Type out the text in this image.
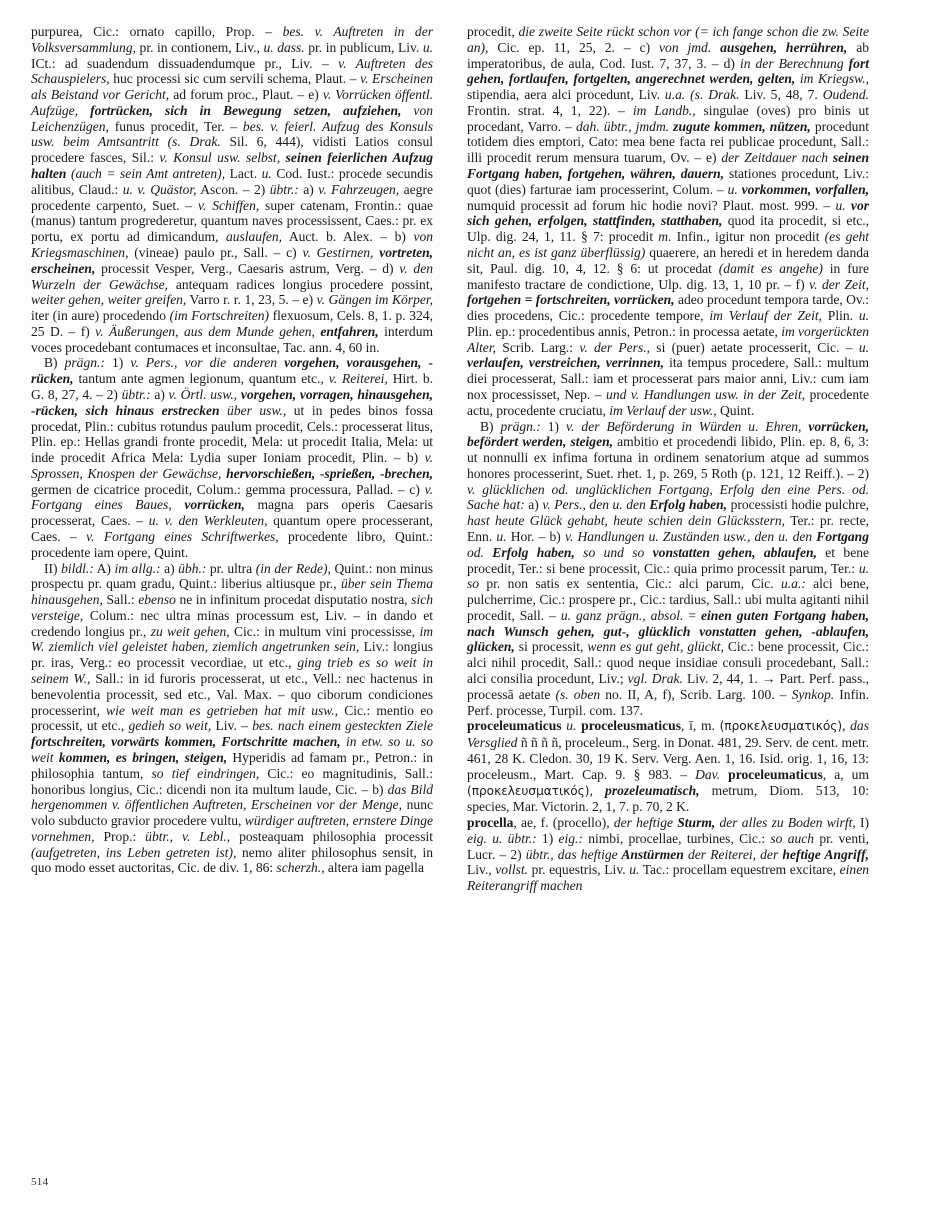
purpurea, Cic.: ornato capillo, Prop. – bes. v. Auftreten in der Volksversammlung, pr. in contionem, Liv., u. dass. pr. in publicum, Liv. u. ICt.: ad suadendum dissuadendumque pr., Liv. – v. Auftreten des Schauspielers, huc processi sic cum servili schema, Plaut. – v. Erscheinen als Beistand vor Gericht, ad forum proc., Plaut. – e) v. Vorrücken öffentl. Aufzüge, fortrücken, sich in Bewegung setzen, aufziehen, von Leichenzügen, funus procedit, Ter. – bes. v. feierl. Aufzug des Konsuls usw. beim Amtsantritt (s. Drak. Sil. 6, 444), vidisti Latios consul procedere fasces, Sil.: v. Konsul usw. selbst, seinen feierlichen Aufzug halten (auch = sein Amt antreten), Lact. u. Cod. Iust.: procede secundis alitibus, Claud.: u. v. Quästor, Ascon. – 2) übtr.: a) v. Fahrzeugen, aegre procedente carpento, Suet. – v. Schiffen, super catenam, Frontin.: quae (manus) tantum progrederetur, quantum naves processissent, Caes.: pr. ex portu, ex portu ad dimicandum, auslaufen, Auct. b. Alex. – b) von Kriegsmaschinen, (vineae) paulo pr., Sall. – c) v. Gestirnen, vortreten, erscheinen, processit Vesper, Verg., Caesaris astrum, Verg. – d) v. den Wurzeln der Gewächse, antequam radices longius procedere possint, weiter gehen, weiter greifen, Varro r. r. 1, 23, 5. – e) v. Gängen im Körper, iter (in aure) procedendo (im Fortschreiten) flexuosum, Cels. 8, 1. p. 324, 25 D. – f) v. Äußerungen, aus dem Munde gehen, entfahren, interdum voces procedebant contumaces et inconsultae, Tac. ann. 4, 60 in.

B) prägn.: 1) v. Pers., vor die anderen vorgehen, vorausgehen, -rücken, tantum ante agmen legionum, quantum etc., v. Reiterei, Hirt. b. G. 8, 27, 4. – 2) übtr.: a) v. Örtl. usw., vorgehen, vorragen, hinausgehen, -rücken, sich hinaus erstrecken über usw., ut in pedes binos fossa procedat, Plin.: cubitus rotundus paulum procedit, Cels.: processerat litus, Plin. ep.: Hellas grandi fronte procedit, Mela: ut procedit Italia, Mela: ut inde procedit Africa Mela: Lydia super Ioniam procedit, Plin. – b) v. Sprossen, Knospen der Gewächse, hervorschießen, -sprießen, -brechen, germen de cicatrice procedit, Colum.: gemma processura, Pallad. – c) v. Fortgang eines Baues, vorrücken, magna pars operis Caesaris processerat, Caes. – u. v. den Werkleuten, quantum opere processerant, Caes. – v. Fortgang eines Schriftwerkes, procedente libro, Quint.: procedente iam opere, Quint.

II) bildl.: A) im allg.: a) übh.: pr. ultra (in der Rede), Quint.: non minus prospectu pr. quam gradu, Quint.: liberius altiusque pr., über sein Thema hinausgehen, Sall.: ebenso ne in infinitum procedat disputatio nostra, sich versteige, Colum.: nec ultra minas processum est, Liv. – in dando et credendo longius pr., zu weit gehen, Cic.: in multum vini processisse, im W. ziemlich viel geleistet haben, ziemlich angetrunken sein, Liv.: longius pr. iras, Verg.: eo processit vecordiae, ut etc., ging trieb es so weit in seinem W., Sall.: in id furoris processerat, ut etc., Vell.: nec hactenus in benevolentia processit, sed etc., Val. Max. – quo ciborum condiciones processerint, wie weit man es getrieben hat mit usw., Cic.: mentio eo processit, ut etc., gedieh so weit, Liv. – bes. nach einem gesteckten Ziele fortschreiten, vorwärts kommen, Fortschritte machen, in etw. so u. so weit kommen, es bringen, steigen, Hyperidis ad famam pr., Petron.: in philosophia tantum, so tief eindringen, Cic.: eo magnitudinis, Sall.: honoribus longius, Cic.: dicendi non ita multum laude, Cic. – b) das Bild hergenommen v. öffentlichen Auftreten, Erscheinen vor der Menge, nunc volo subducto gravior procedere vultu, würdiger auftreten, ernstere Dinge vornehmen, Prop.: übtr., v. Lebl., posteaquam philosophia processit (aufgetreten, ins Leben getreten ist), nemo aliter philosophus sensit, in quo modo esset auctoritas, Cic. de div. 1, 86: scherzh., altera iam pagella

procedit, die zweite Seite rückt schon vor (= ich fange schon die zw. Seite an), Cic. ep. 11, 25, 2. – c) von jmd. ausgehen, herrühren, ab imperatoribus, de aula, Cod. Iust. 7, 37, 3. – d) in der Berechnung fort gehen, fortlaufen, fortgelten, angerechnet werden, gelten, im Kriegsw., stipendia, aera alci procedunt, Liv. u.a. (s. Drak. Liv. 5, 48, 7. Oudend. Frontin. strat. 4, 1, 22). – im Landb., singulae (oves) pro binis ut procedant, Varro. – dah. übtr., jmdm. zugute kommen, nützen, procedunt totidem dies emptori, Cato: mea bene facta rei publicae procedunt, Sall.: illi procedit rerum mensura tuarum, Ov. – e) der Zeitdauer nach seinen Fortgang haben, fortgehen, währen, dauern, stationes procedunt, Liv.: quot (dies) farturae iam processerint, Colum. – u. vorkommen, vorfallen, numquid processit ad forum hic hodie novi? Plaut. most. 999. – u. vor sich gehen, erfolgen, stattfinden, statthaben, quod ita procedit, si etc., Ulp. dig. 24, 1, 11. § 7: procedit m. Infin., igitur non procedit (es geht nicht an, es ist ganz überflüssig) quaerere, an heredi et in heredem danda sit, Paul. dig. 10, 4, 12. § 6: ut procedat (damit es angehe) in fure manifesto tractare de condictione, Ulp. dig. 13, 1, 10 pr. – f) v. der Zeit, fortgehen = fortschreiten, vorrücken, adeo procedunt tempora tarde, Ov.: dies procedens, Cic.: procedente tempore, im Verlauf der Zeit, Plin. u. Plin. ep.: procedentibus annis, Petron.: in processa aetate, im vorgerückten Alter, Scrib. Larg.: v. der Pers., si (puer) aetate processerit, Cic. – u. verlaufen, verstreichen, verrinnen, ita tempus procedere, Sall.: multum diei processerat, Sall.: iam et processerat pars maior anni, Liv.: cum iam nox processisset, Nep. – und v. Handlungen usw. in der Zeit, procedente actu, procedente cruciatu, im Verlauf der usw., Quint.

B) prägn.: 1) v. der Beförderung in Würden u. Ehren, vorrücken, befördert werden, steigen, ambitio et procedendi libido, Plin. ep. 8, 6, 3: ut nonnulli ex infima fortuna in ordinem senatorium atque ad summos honores processerint, Suet. rhet. 1, p. 269, 5 Roth (p. 121, 12 Reiff.). – 2) v. glücklichen od. unglücklichen Fortgang, Erfolg den eine Pers. od. Sache hat: a) v. Pers., den u. den Erfolg haben, processisti hodie pulchre, hast heute Glück gehabt, heute schien dein Glücksstern, Ter.: pr. recte, Enn. u. Hor. – b) v. Handlungen u. Zuständen usw., den u. den Fortgang od. Erfolg haben, so und so vonstatten gehen, ablaufen, et bene procedit, Ter.: si bene processit, Cic.: quia primo processit parum, Ter.: u. so pr. non satis ex sententia, Cic.: alci parum, Cic. u.a.: alci bene, pulcherrime, Cic.: prospere pr., Cic.: tardius, Sall.: ubi multa agitanti nihil procedit, Sall. – u. ganz prägn., absol. = einen guten Fortgang haben, nach Wunsch gehen, gut-, glücklich vonstatten gehen, -ablaufen, glücken, si processit, wenn es gut geht, glückt, Cic.: bene processit, Cic.: alci nihil procedit, Sall.: quod neque insidiae consuli procedebant, Sall.: alci consilia procedunt, Liv.; vgl. Drak. Liv. 2, 44, 1. → Part. Perf. pass., processā aetate (s. oben no. II, A, f), Scrib. Larg. 100. – Synkop. Infin. Perf. processe, Turpil. com. 137.

proceleumaticus u. proceleusmaticus, ī, m. (προκελευσματικός), das Versglied ñ ñ ñ ñ, proceleum., Serg. in Donat. 481, 29. Serv. de cent. metr. 461, 28 K. Cledon. 30, 19 K. Serv. Verg. Aen. 1, 16. Isid. orig. 1, 16, 13: proceleusm., Mart. Cap. 9. § 983. – Dav. proceleumaticus, a, um (προκελευσματικός), prozeleumatisch, metrum, Diom. 513, 10: species, Mar. Victorin. 2, 1, 7. p. 70, 2 K.

procella, ae, f. (procello), der heftige Sturm, der alles zu Boden wirft, I) eig. u. übtr.: 1) eig.: nimbi, procellae, turbines, Cic.: so auch pr. venti, Lucr. – 2) übtr., das heftige Anstürmen der Reiterei, der heftige Angriff, Liv., vollst. pr. equestris, Liv. u. Tac.: procellam equestrem excitare, einen Reiterangriff machen

514
